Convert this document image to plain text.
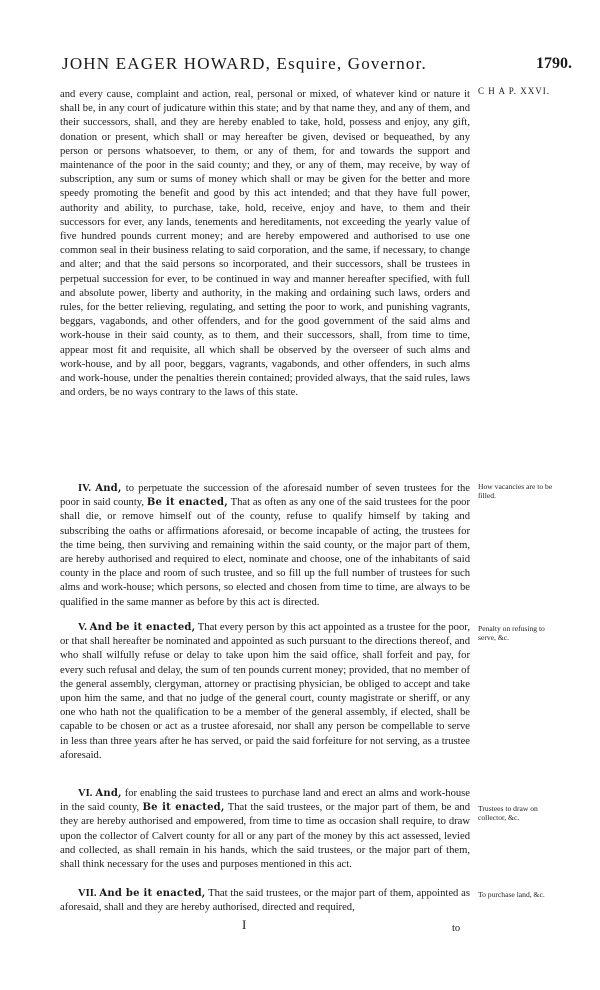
JOHN EAGER HOWARD, Esquire, Governor.	1790.
C H A P. XXVI.

and every cause, complaint and action, real, personal or mixed, of whatever kind or nature it shall be, in any court of judicature within this state; and by that name they, and any of them, and their successors, shall, and they are hereby enabled to take, hold, possess and enjoy, any gift, donation or present, which shall or may hereafter be given, devised or bequeathed, by any person or persons whatsoever, to them, or any of them, for and towards the support and maintenance of the poor in the said county; and they, or any of them, may receive, by way of subscription, any sum or sums of money which shall or may be given for the better and more speedy promoting the benefit and good by this act intended; and that they have full power, authority and ability, to purchase, take, hold, receive, enjoy and have, to them and their successors for ever, any lands, tenements and hereditaments, not exceeding the yearly value of five hundred pounds current money; and are hereby empowered and authorised to use one common seal in their business relating to said corporation, and the same, if necessary, to change and alter; and that the said persons so incorporated, and their successors, shall be trustees in perpetual succession for ever, to be continued in way and manner hereafter specified, with full and absolute power, liberty and authority, in the making and ordaining such laws, orders and rules, for the better relieving, regulating, and setting the poor to work, and punishing vagrants, beggars, vagabonds, and other offenders, and for the good government of the said alms and work-house in their said county, as to them, and their successors, shall, from time to time, appear most fit and requisite, all which shall be observed by the overseer of such alms and work-house, and by all poor, beggars, vagrants, vagabonds, and other offenders, in such alms and work-house, under the penalties therein contained; provided always, that the said rules, laws and orders, be no ways contrary to the laws of this state.

IV. And, to perpetuate the succession of the aforesaid number of seven trustees for the poor in said county, Be it enacted, That as often as any one of the said trustees for the poor shall die, or remove himself out of the county, refuse to qualify himself by taking and subscribing the oaths or affirmations aforesaid, or become incapable of acting, the trustees for the time being, then surviving and remaining within the said county, or the major part of them, are hereby authorised and required to elect, nominate and choose, one of the inhabitants of said county in the place and room of such trustee, and so fill up the full number of trustees for such alms and work-house; which persons, so elected and chosen from time to time, are always to be qualified in the same manner as before by this act is directed.

How vacancies are to be filled.

V. And be it enacted, That every person by this act appointed as a trustee for the poor, or that shall hereafter be nominated and appointed as such pursuant to the directions thereof, and who shall wilfully refuse or delay to take upon him the said office, shall forfeit and pay, for every such refusal and delay, the sum of ten pounds current money; provided, that no member of the general assembly, clergyman, attorney or practising physician, be obliged to accept and take upon him the same, and that no judge of the general court, county magistrate or sheriff, or any one who hath not the qualification to be a member of the general assembly, if elected, shall be capable to be chosen or act as a trustee aforesaid, nor shall any person be compellable to serve in less than three years after he has served, or paid the said forfeiture for not serving, as a trustee aforesaid.

Penalty on refusing to serve, &c.

VI. And, for enabling the said trustees to purchase land and erect an alms and work-house in the said county, Be it enacted, That the said trustees, or the major part of them, be and they are hereby authorised and empowered, from time to time as occasion shall require, to draw upon the collector of Calvert county for all or any part of the money by this act assessed, levied and collected, as shall remain in his hands, which the said trustees, or the major part of them, shall think necessary for the uses and purposes mentioned in this act.

Trustees to draw on collector, &c.

VII. And be it enacted, That the said trustees, or the major part of them, appointed as aforesaid, shall and they are hereby authorised, directed and required,

To purchase land, &c.
I	to
